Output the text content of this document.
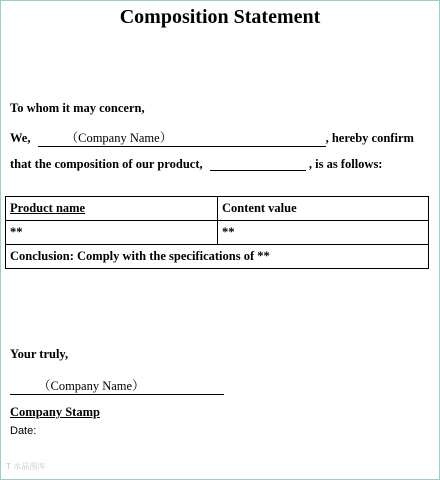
Composition Statement
To whom it may concern,
We,	（Company Name）	, hereby confirm
that the composition of our product,	, is as follows:
Product name	Content value
**	**
Conclusion: Comply with the specifications of **	
Your truly,
（Company Name）
Company Stamp
Date:
T 水晶图库
